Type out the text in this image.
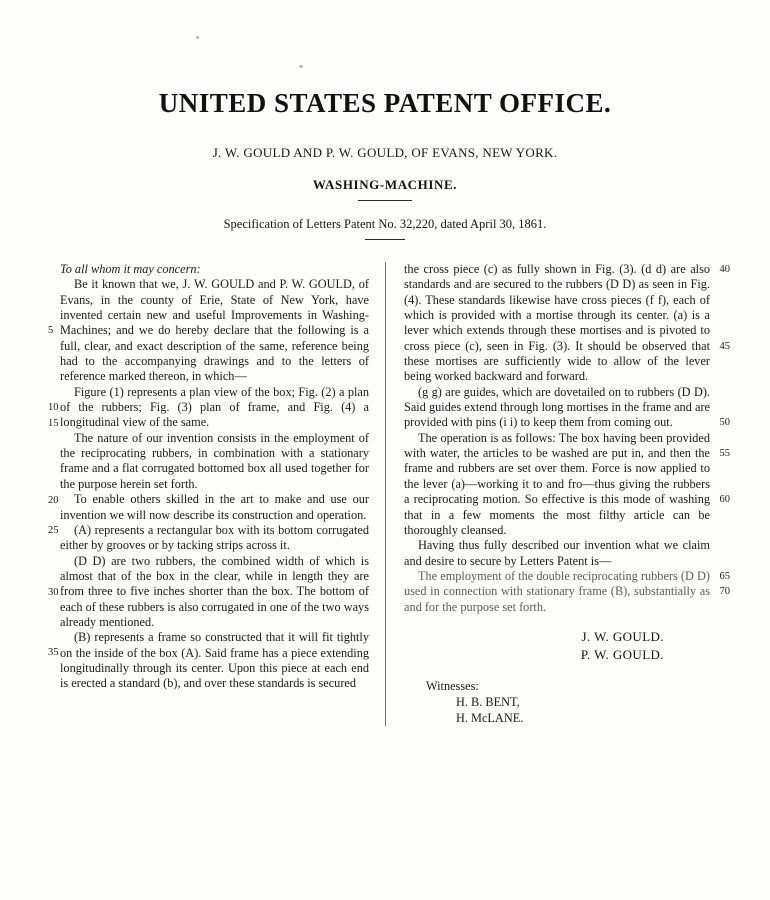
UNITED STATES PATENT OFFICE.
J. W. GOULD AND P. W. GOULD, OF EVANS, NEW YORK.
WASHING-MACHINE.
Specification of Letters Patent No. 32,220, dated April 30, 1861.

To all whom it may concern:

Be it known that we, J. W. GOULD and P. W. GOULD, of Evans, in the county of Erie, State of New York, have invented certain new and useful Improvements in Washing-Machines; and we do hereby declare that the following is a full, clear, and exact description of the same, reference being had to the accompanying drawings and to the letters of reference marked thereon, in which—
5
10

Figure (1) represents a plan view of the box; Fig. (2) a plan of the rubbers; Fig. (3) plan of frame, and Fig. (4) a longitudinal view of the same.
15

The nature of our invention consists in the employment of the reciprocating rubbers, in combination with a stationary frame and a flat corrugated bottomed box all used together for the purpose herein set forth.
20	To enable others skilled in the art to make and use our invention we will now describe its construction and operation.

(A) represents a rectangular box with its bottom corrugated either by grooves or by tacking strips across it.
25

(D D) are two rubbers, the combined width of which is almost that of the box in the clear, while in length they are from three to five inches shorter than the box. The bottom of each of these rubbers is also corrugated in one of the two ways already mentioned.
30

(B) represents a frame so constructed that it will fit tightly on the inside of the box (A). Said frame has a piece extending longitudinally through its center. Upon this piece at each end is erected a standard (b), and over these standards is secured
35

the cross piece (c) as fully shown in Fig. (3). (d d) are also standards and are secured to the rubbers (D D) as seen in Fig. (4). These standards likewise have cross pieces (f f), each of which is provided with a mortise through its center. (a) is a lever which extends through these mortises and is pivoted to cross piece (c), seen in Fig. (3). It should be observed that these mortises are sufficiently wide to allow of the lever being worked backward and forward.
40
45
50

(g g) are guides, which are dovetailed on to rubbers (D D). Said guides extend through long mortises in the frame and are provided with pins (i i) to keep them from coming out.
55

The operation is as follows: The box having been provided with water, the articles to be washed are put in, and then the frame and rubbers are set over them. Force is now applied to the lever (a)—working it to and fro—thus giving the rubbers a reciprocating motion. So effective is this mode of washing that in a few moments the most filthy article can be thoroughly cleansed.
60
65

Having thus fully described our invention what we claim and desire to secure by Letters Patent is—

The employment of the double reciprocating rubbers (D D) used in connection with stationary frame (B), substantially as and for the purpose set forth.
70

J. W. GOULD.
P. W. GOULD.
Witnesses:
H. B. BENT,
H. McLANE.
